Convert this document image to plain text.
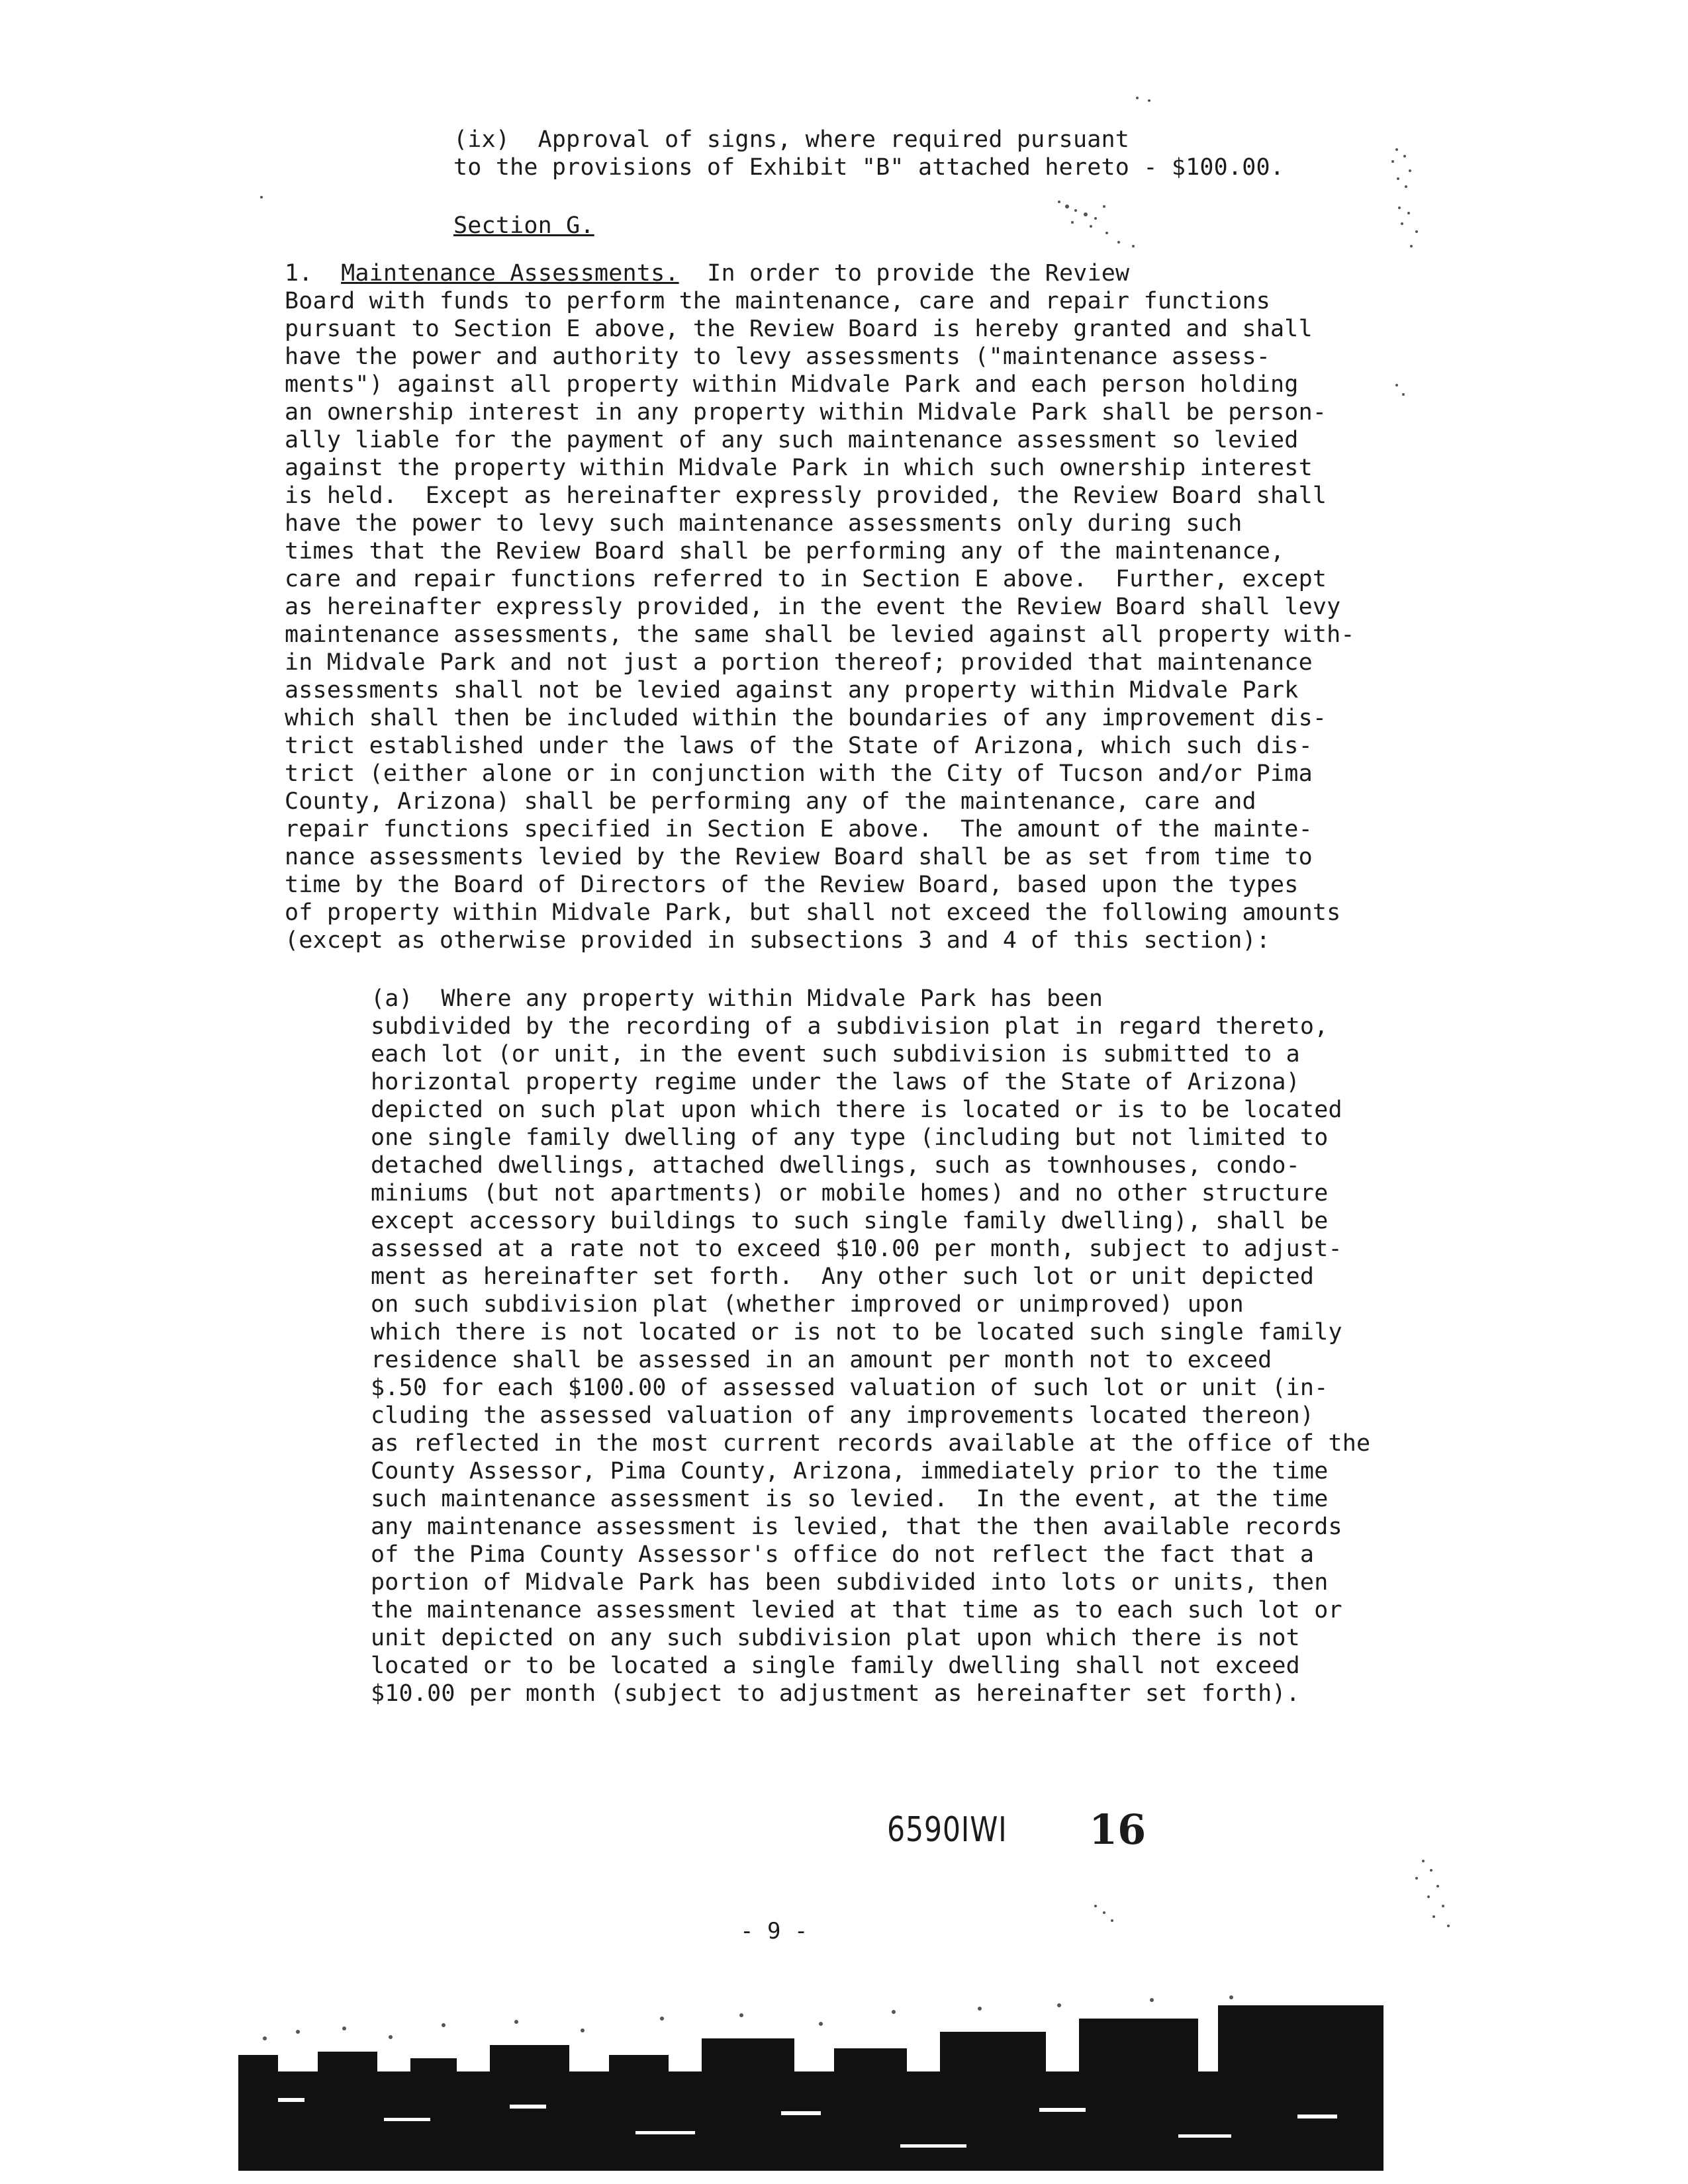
(ix)  Approval of signs, where required pursuant
to the provisions of Exhibit "B" attached hereto - $100.00.
Section G.
1.  Maintenance Assessments.  In order to provide the Review
Board with funds to perform the maintenance, care and repair functions
pursuant to Section E above, the Review Board is hereby granted and shall
have the power and authority to levy assessments ("maintenance assess-
ments") against all property within Midvale Park and each person holding
an ownership interest in any property within Midvale Park shall be person-
ally liable for the payment of any such maintenance assessment so levied
against the property within Midvale Park in which such ownership interest
is held.  Except as hereinafter expressly provided, the Review Board shall
have the power to levy such maintenance assessments only during such
times that the Review Board shall be performing any of the maintenance,
care and repair functions referred to in Section E above.  Further, except
as hereinafter expressly provided, in the event the Review Board shall levy
maintenance assessments, the same shall be levied against all property with-
in Midvale Park and not just a portion thereof; provided that maintenance
assessments shall not be levied against any property within Midvale Park
which shall then be included within the boundaries of any improvement dis-
trict established under the laws of the State of Arizona, which such dis-
trict (either alone or in conjunction with the City of Tucson and/or Pima
County, Arizona) shall be performing any of the maintenance, care and
repair functions specified in Section E above.  The amount of the mainte-
nance assessments levied by the Review Board shall be as set from time to
time by the Board of Directors of the Review Board, based upon the types
of property within Midvale Park, but shall not exceed the following amounts
(except as otherwise provided in subsections 3 and 4 of this section):
(a)  Where any property within Midvale Park has been
subdivided by the recording of a subdivision plat in regard thereto,
each lot (or unit, in the event such subdivision is submitted to a
horizontal property regime under the laws of the State of Arizona)
depicted on such plat upon which there is located or is to be located
one single family dwelling of any type (including but not limited to
detached dwellings, attached dwellings, such as townhouses, condo-
miniums (but not apartments) or mobile homes) and no other structure
except accessory buildings to such single family dwelling), shall be
assessed at a rate not to exceed $10.00 per month, subject to adjust-
ment as hereinafter set forth.  Any other such lot or unit depicted
on such subdivision plat (whether improved or unimproved) upon
which there is not located or is not to be located such single family
residence shall be assessed in an amount per month not to exceed
$.50 for each $100.00 of assessed valuation of such lot or unit (in-
cluding the assessed valuation of any improvements located thereon)
as reflected in the most current records available at the office of the
County Assessor, Pima County, Arizona, immediately prior to the time
such maintenance assessment is so levied.  In the event, at the time
any maintenance assessment is levied, that the then available records
of the Pima County Assessor's office do not reflect the fact that a
portion of Midvale Park has been subdivided into lots or units, then
the maintenance assessment levied at that time as to each such lot or
unit depicted on any such subdivision plat upon which there is not
located or to be located a single family dwelling shall not exceed
$10.00 per month (subject to adjustment as hereinafter set forth).
6590IWI 16
- 9 -
